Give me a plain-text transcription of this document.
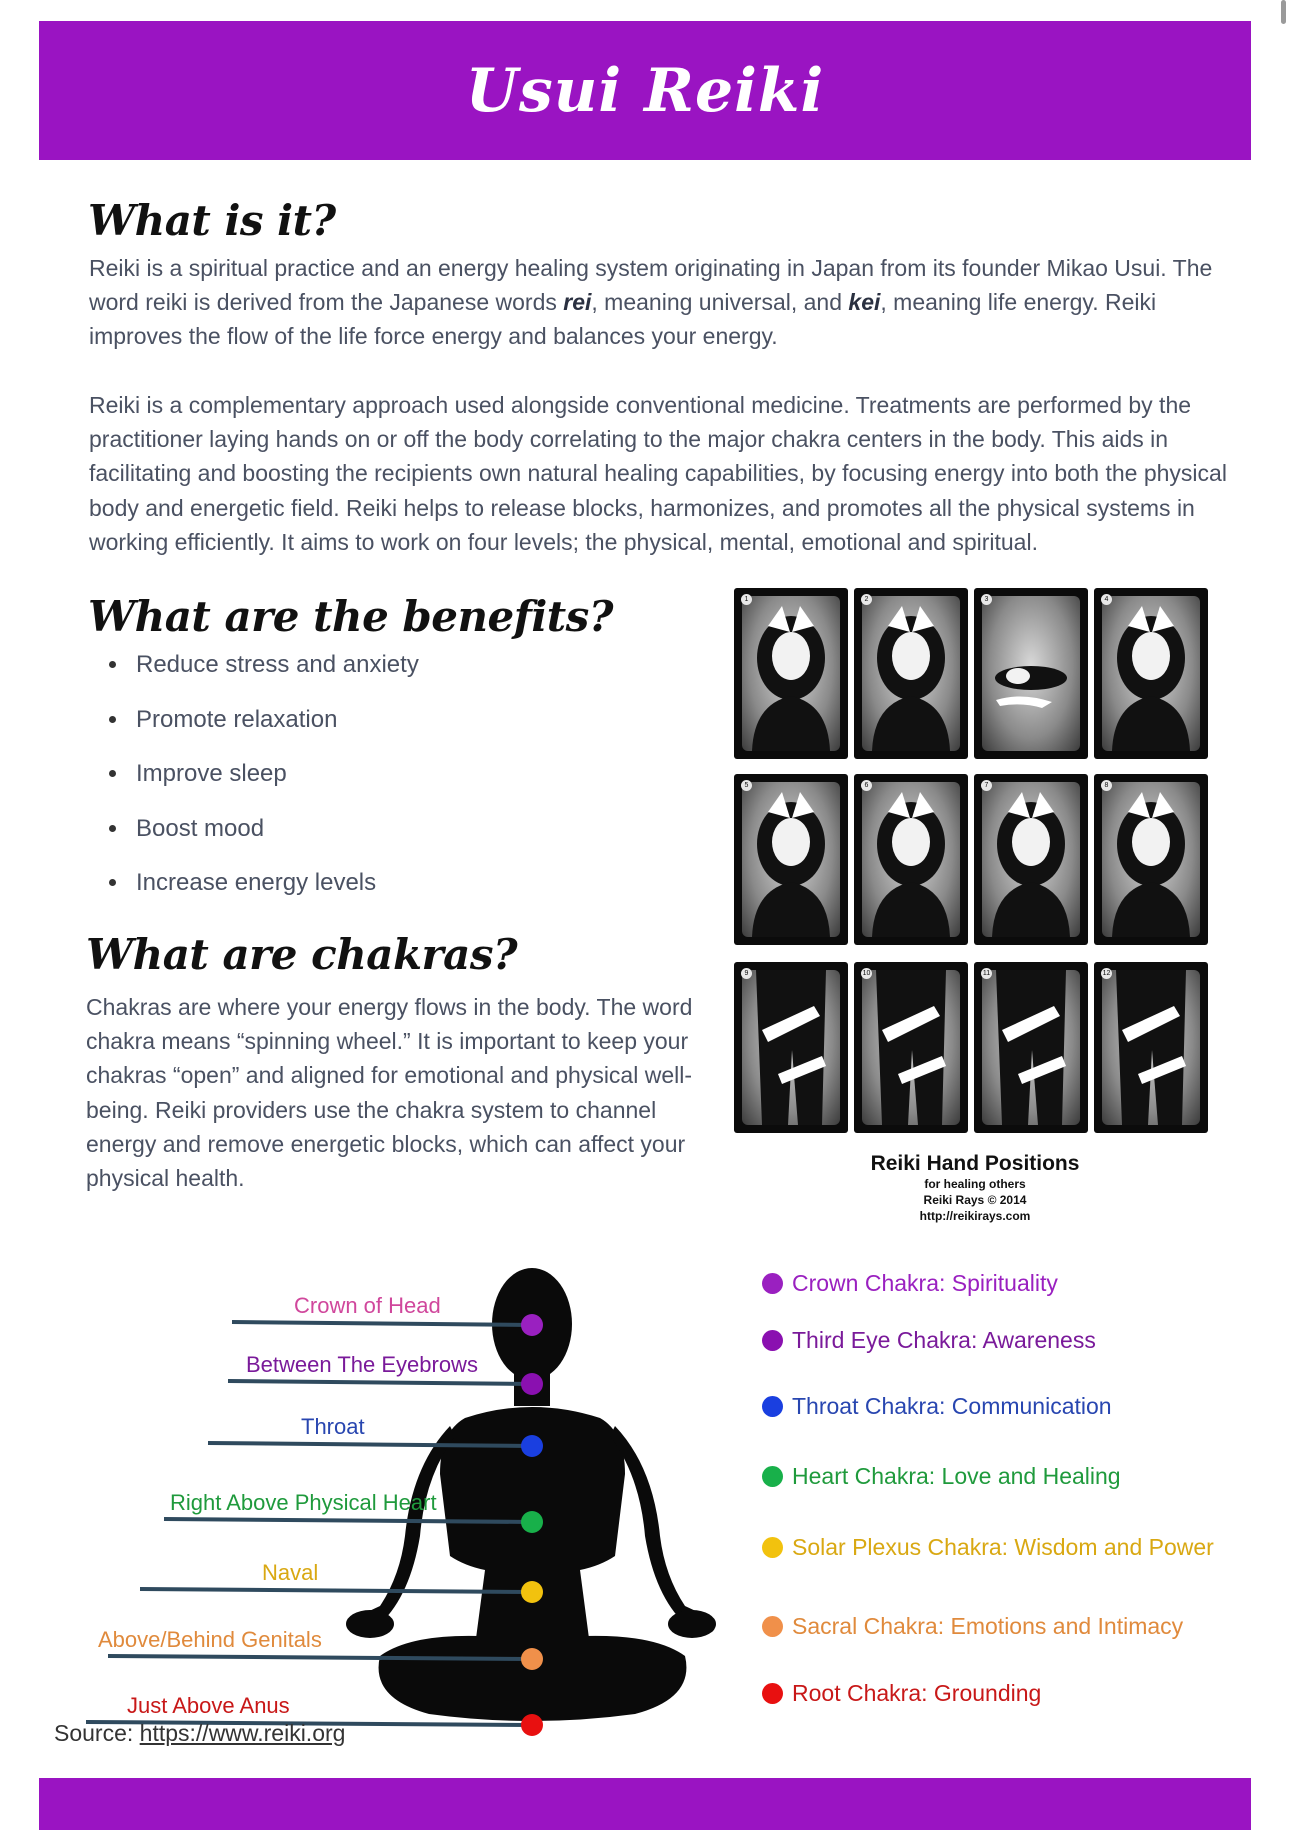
Usui Reiki
What is it?

Reiki is a spiritual practice and an energy healing system originating in Japan from its founder Mikao Usui. The word reiki is derived from the Japanese words rei, meaning universal, and kei, meaning life energy. Reiki improves the flow of the life force energy and balances your energy.

Reiki is a complementary approach used alongside conventional medicine. Treatments are performed by the practitioner laying hands on or off the body correlating to the major chakra centers in the body. This aids in facilitating and boosting the recipients own natural healing capabilities, by focusing energy into both the physical body and energetic field. Reiki helps to release blocks, harmonizes, and promotes all the physical systems in working efficiently. It aims to work on four levels; the physical, mental, emotional and spiritual.

What are the benefits?
• Reduce stress and anxiety
• Promote relaxation
• Improve sleep
• Boost mood
• Increase energy levels
What are chakras?

Chakras are where your energy flows in the body. The word chakra means “spinning wheel.” It is important to keep your chakras “open” and aligned for emotional and physical well-being. Reiki providers use the chakra system to channel energy and remove energetic blocks, which can affect your physical health.

1	2	3	4
5	6	7	8
9	10	11	12
Reiki Hand Positions
for healing others
Reiki Rays © 2014
http://reikirays.com
Crown of Head
Between The Eyebrows
Throat
Right Above Physical Heart
Naval
Above/Behind Genitals
Just Above Anus
Crown Chakra: Spirituality
Third Eye Chakra: Awareness
Throat Chakra: Communication
Heart Chakra: Love and Healing
Solar Plexus Chakra: Wisdom and Power
Sacral Chakra: Emotions and Intimacy
Root Chakra: Grounding
Source: https://www.reiki.org
